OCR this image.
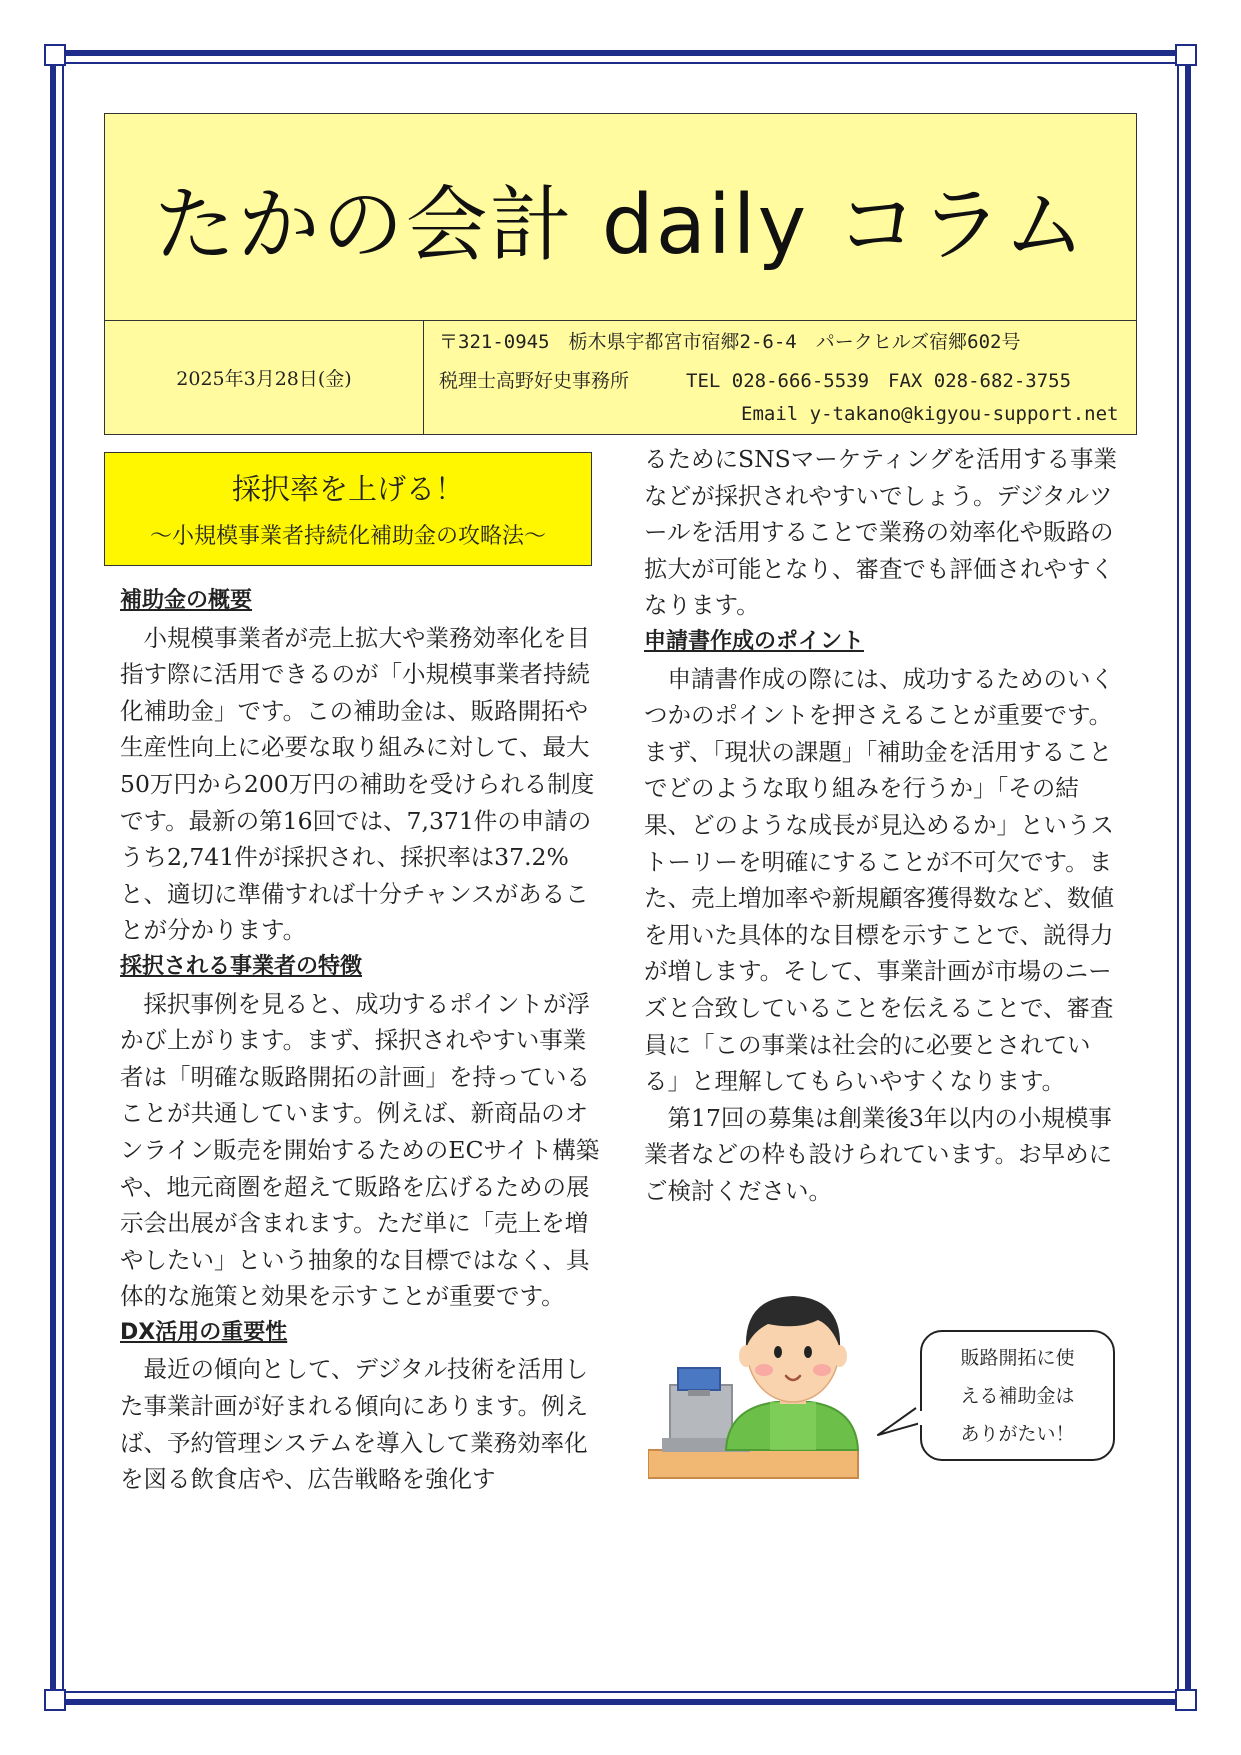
たかの会計 daily コラム
2025年3月28日(金)
〒321-0945　栃木県宇都宮市宿郷2-6-4　パークヒルズ宿郷602号
税理士高野好史事務所　　　TEL 028-666-5539　FAX 028-682-3755
Email y-takano@kigyou-support.net
採択率を上げる！
～小規模事業者持続化補助金の攻略法～

補助金の概要

小規模事業者が売上拡大や業務効率化を目指す際に活用できるのが「小規模事業者持続化補助金」です。この補助金は、販路開拓や生産性向上に必要な取り組みに対して、最大50万円から200万円の補助を受けられる制度です。最新の第16回では、7,371件の申請のうち2,741件が採択され、採択率は37.2%と、適切に準備すれば十分チャンスがあることが分かります。

採択される事業者の特徴

採択事例を見ると、成功するポイントが浮かび上がります。まず、採択されやすい事業者は「明確な販路開拓の計画」を持っていることが共通しています。例えば、新商品のオンライン販売を開始するためのECサイト構築や、地元商圏を超えて販路を広げるための展示会出展が含まれます。ただ単に「売上を増やしたい」という抽象的な目標ではなく、具体的な施策と効果を示すことが重要です。

DX活用の重要性

最近の傾向として、デジタル技術を活用した事業計画が好まれる傾向にあります。例えば、予約管理システムを導入して業務効率化を図る飲食店や、広告戦略を強化す

るためにSNSマーケティングを活用する事業などが採択されやすいでしょう。デジタルツールを活用することで業務の効率化や販路の拡大が可能となり、審査でも評価されやすくなります。

申請書作成のポイント

申請書作成の際には、成功するためのいくつかのポイントを押さえることが重要です。まず、「現状の課題」「補助金を活用することでどのような取り組みを行うか」「その結果、どのような成長が見込めるか」というストーリーを明確にすることが不可欠です。また、売上増加率や新規顧客獲得数など、数値を用いた具体的な目標を示すことで、説得力が増します。そして、事業計画が市場のニーズと合致していることを伝えることで、審査員に「この事業は社会的に必要とされている」と理解してもらいやすくなります。

第17回の募集は創業後3年以内の小規模事業者などの枠も設けられています。お早めにご検討ください。

販路開拓に使
える補助金は
ありがたい！
